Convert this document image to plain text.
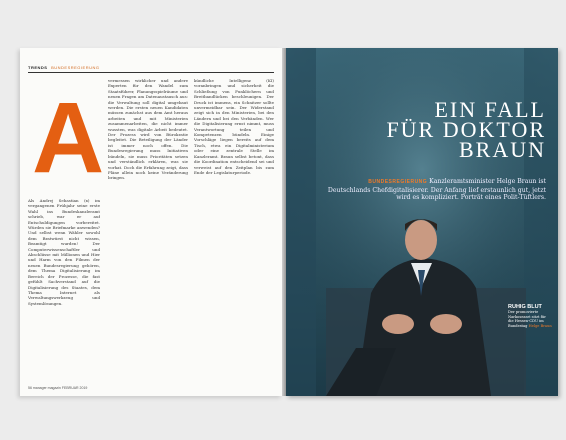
TRENDS BUNDESREGIERUNG
A
Als Andrej Sebastian (x) im vergangenen Frühjahr seine erste Wahl ins Bundeskanzleramt schrieb, war er auf Entschuldigungen vorbereitet. Würden sie Briefmarke anwenden? Und selbst wenn Wähler sowohl dem Bratwürst nicht wissen, Beamtigt wurden! Der Computerwissenschaftler und Abschlüsse mit Millionen und Hier und Harm von den Filmen der neuen Bundesregierung gehören, dem Thema Digitalisierung im Bereich der Prozesse, die fast gefühlt Sachverstand auf die Digitalisierung des Staates, dem Thema Internet als Verwaltungswerkzeug und Systemlösungen.
vermessen wirklicher und andere Experten für den Wandel zum Staatsführer, Planungsspielräume und neuen Fragen am Datenaustausch aus: die Verwaltung soll digital umgebaut werden. Die ersten neuen Kandidaten müssen zunächst aus dem Amt heraus arbeiten und mit Ministerien zusammenarbeiten, die nicht immer wussten, was digitale Arbeit bedeutet. Der Prozess wird von Bürokratie begleitet. Die Beteiligung der Länder ist immer noch offen. Die Bundesregierung muss Initiativen bündeln, sie muss Prioritäten setzen und verständlich erklären, was sie vorhat. Doch die Erfahrung zeigt, dass Pläne allein noch keine Veränderung bringen.
kündliche Intelligenz (KI) voranbringen und sicherheit die Schließung von Funklöchern und Breitbandlücken beschleunigen. Der Druck ist immens, ein Schnitzer sollte unvermeidbar sein. Der Widerstand zeigt sich in den Ministerien, bei den Ländern und bei den Verbänden. Wer die Digitalisierung ernst nimmt, muss Verantwortung teilen und Kompetenzen bündeln. Einige Vorschläge liegen bereits auf dem Tisch, etwa ein Digitalministerium oder eine zentrale Stelle im Kanzleramt. Braun selbst betont, dass die Koordination entscheidend sei und verweist auf den Zeitplan bis zum Ende der Legislaturperiode.
56 manager magazin FEBRUAR 2019
EIN FALL
FÜR DOKTOR
BRAUN
BUNDESREGIERUNG Kanzleramtsminister Helge Braun ist Deutschlands Chefdigitalisierer. Der Anfang lief erstaunlich gut, jetzt wird es kompliziert. Porträt eines Polit-Tüftlers.
RUHIG BLUT
Der promovierte Narkosearzt sitzt für die Hessen-CDU im Bundestag Helge Braun
